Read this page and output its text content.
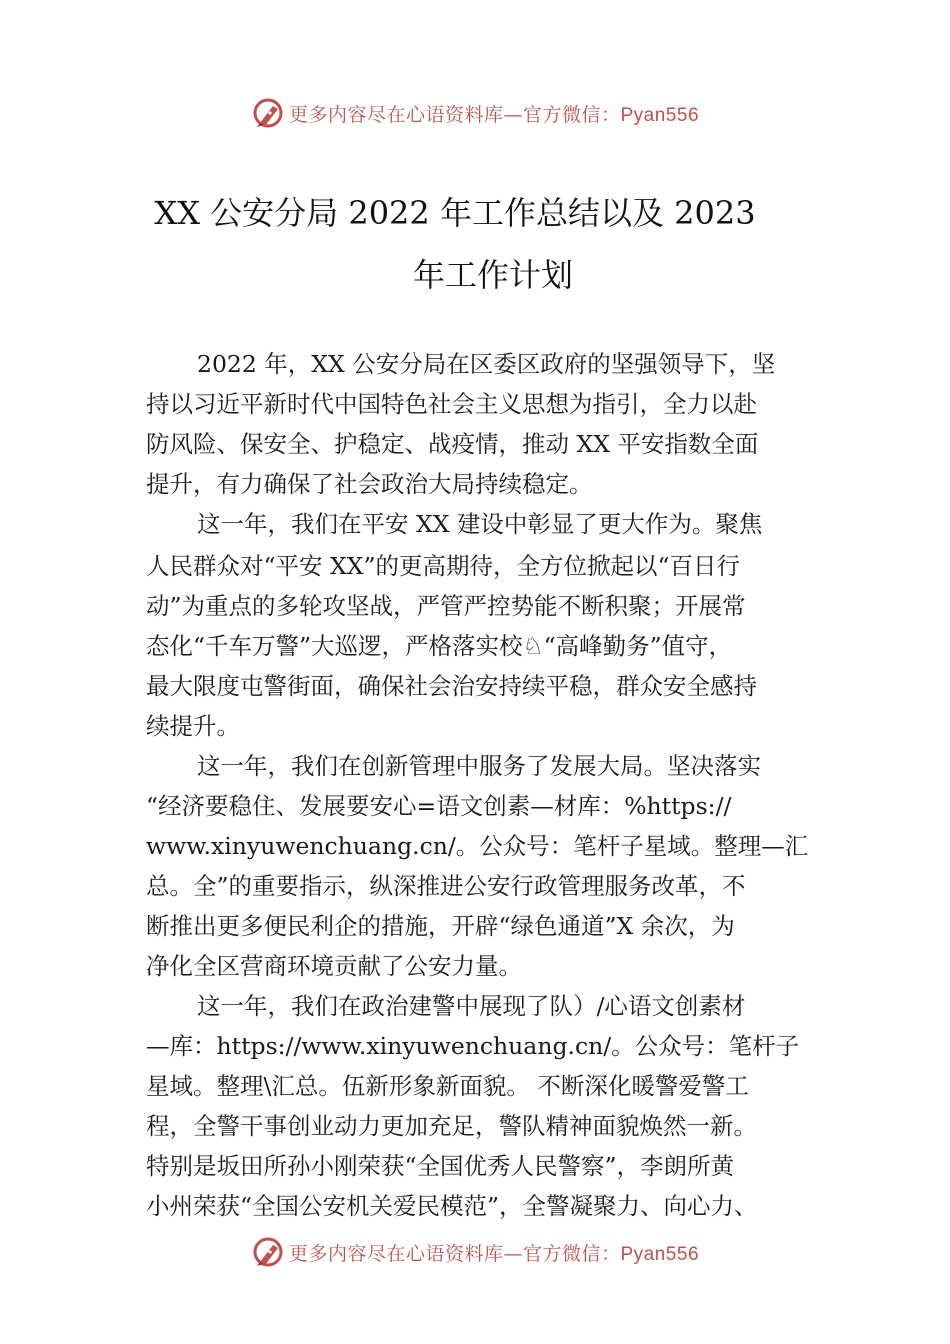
更多内容尽在心语资料库—官方微信：Pyan556
XX 公安分局 2022 年工作总结以及 2023
年工作计划
2022 年，XX 公安分局在区委区政府的坚强领导下，坚
持以习近平新时代中国特色社会主义思想为指引，全力以赴
防风险、保安全、护稳定、战疫情，推动 XX 平安指数全面
提升，有力确保了社会政治大局持续稳定。
这一年，我们在平安 XX 建设中彰显了更大作为。聚焦
人民群众对“平安 XX”的更高期待，全方位掀起以“百日行
动”为重点的多轮攻坚战，严管严控势能不断积聚；开展常
态化“千车万警”大巡逻，严格落实校♘“高峰勤务”值守，
最大限度屯警街面，确保社会治安持续平稳，群众安全感持
续提升。
这一年，我们在创新管理中服务了发展大局。坚决落实
“经济要稳住、发展要安心=语文创素—材库：%https://
www.xinyuwenchuang.cn/。公众号：笔杆子星域。整理—汇
总。全”的重要指示，纵深推进公安行政管理服务改革，不
断推出更多便民利企的措施，开辟“绿色通道”X 余次，为
净化全区营商环境贡献了公安力量。
这一年，我们在政治建警中展现了队）/心语文创素材
—库：https://www.xinyuwenchuang.cn/。公众号：笔杆子
星域。整理\汇总。伍新形象新面貌。 不断深化暖警爱警工
程，全警干事创业动力更加充足，警队精神面貌焕然一新。
特别是坂田所孙小刚荣获“全国优秀人民警察”，李朗所黄
小州荣获“全国公安机关爱民模范”，全警凝聚力、向心力、
更多内容尽在心语资料库—官方微信：Pyan556
